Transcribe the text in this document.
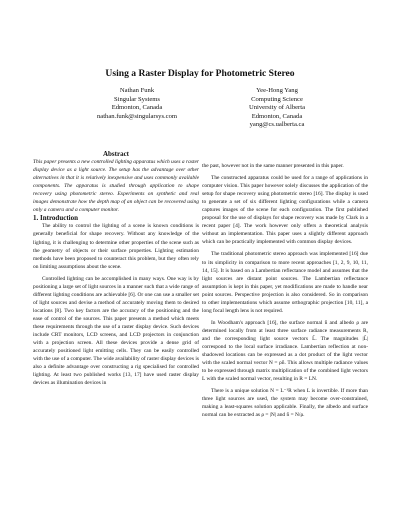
Using a Raster Display for Photometric Stereo
Nathan Funk
Singular Systems
Edmonton, Canada
nathan.funk@singularsys.com
Yee-Hong Yang
Computing Science
University of Alberta
Edmonton, Canada
yang@cs.ualberta.ca

Abstract

This paper presents a new controlled lighting apparatus which uses a raster display device as a light source. The setup has the advantage over other alternatives in that it is relatively inexpensive and uses commonly available components. The apparatus is studied through application to shape recovery using photometric stereo. Experiments on synthetic and real images demonstrate how the depth map of an object can be recovered using only a camera and a computer monitor.

1. Introduction

The ability to control the lighting of a scene is known conditions is generally beneficial for shape recovery. Without any knowledge of the lighting, it is challenging to determine other properties of the scene such as the geometry of objects or their surface properties. Lighting estimation methods have been proposed to counteract this problem, but they often rely on limiting assumptions about the scene.

Controlled lighting can be accomplished in many ways. One way is by positioning a large set of light sources in a manner such that a wide range of different lighting conditions are achievable [6]. Or one can use a smaller set of light sources and devise a method of accurately moving them to desired locations [8]. Two key factors are the accuracy of the positioning and the ease of control of the sources. This paper presents a method which meets these requirements through the use of a raster display device. Such devices include CRT monitors, LCD screens, and LCD projectors in conjunction with a projection screen. All these devices provide a dense grid of accurately positioned light emitting cells. They can be easily controlled with the use of a computer. The wide availability of raster display devices is also a definite advantage over constructing a rig specialised for controlled lighting. At least two published works [13, 17] have used raster display devices as illumination devices in

the past, however not in the same manner presented in this paper.

The constructed apparatus could be used for a range of applications in computer vision. This paper however solely discusses the application of the setup for shape recovery using photometric stereo [16]. The display is used to generate a set of six different lighting configurations while a camera captures images of the scene for each configuration. The first published proposal for the use of displays for shape recovery was made by Clark in a recent paper [4]. The work however only offers a theoretical analysis without an implementation. This paper uses a slightly different approach which can be practically implemented with common display devices.

The traditional photometric stereo approach was implemented [16] due to its simplicity in comparison to more recent approaches [1, 2, 9, 10, 11, 14, 15]. It is based on a Lambertian reflectance model and assumes that the light sources are distant point sources. The Lambertian reflectance assumption is kept in this paper, yet modifications are made to handle near point sources. Perspective projection is also considered. So in comparison to other implementations which assume orthographic projection [10, 11], a long focal length lens is not required.

In Woodham's approach [16], the surface normal n̂ and albedo ρ are determined locally from at least three surface radiance measurements R, and the corresponding light source vectors L̂. The magnitudes |L̂| correspond to the local surface irradiance. Lambertian reflection at non-shadowed locations can be expressed as a dot product of the light vector with the scaled normal vector N = ρn̂. This allows multiple radiance values to be expressed through matrix multiplication of the combined light vectors L with the scaled normal vector, resulting in R = LN.

There is a unique solution N = L⁻¹R when L is invertible. If more than three light sources are used, the system may become over-constrained, making a least-squares solution applicable. Finally, the albedo and surface normal can be extracted as ρ = |N| and n̂ = N/ρ.
